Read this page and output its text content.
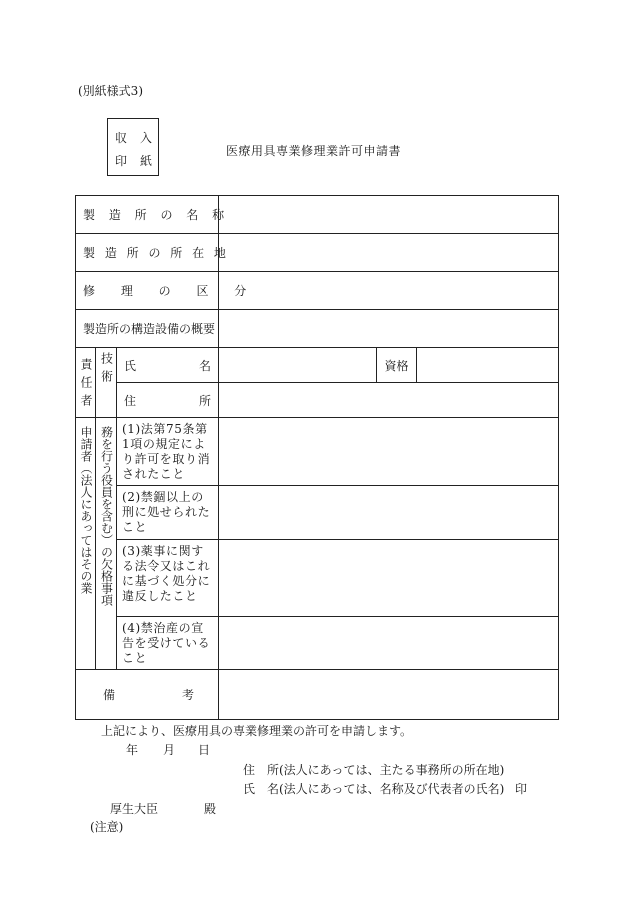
(別紙様式3)
収 入
印 紙
医療用具専業修理業許可申請書
製 造 所 の 名 称					
製 造 所 の 所 在 地					
修 理 の 区 分					
製造所の構造設備の概要					

責任者	技術	氏 名		資格	

		住 所			

申請者︵法人にあってはその業	務を行う役員を含む︶の欠格事項	(1)法第75条第1項の規定により許可を取り消されたこと			

		(2)禁錮以上の刑に処せられたこと			

		(3)薬事に関する法令又はこれに基づく処分に違反したこと			

		(4)禁治産の宣告を受けていること			

備 考					

上記により、医療用具の専業修理業の許可を申請します。
年 月 日
住　所(法人にあっては、主たる事務所の所在地)
氏　名(法人にあっては、名称及び代表者の氏名) 印
厚生大臣	殿
(注意)
